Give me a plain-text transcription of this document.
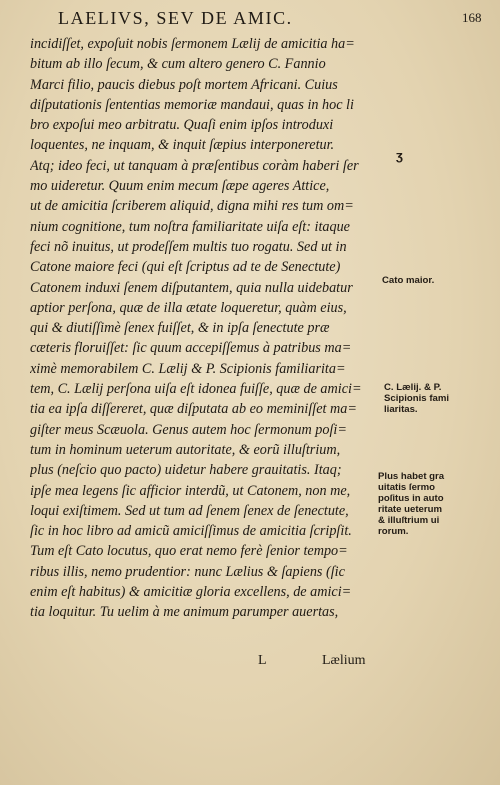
LAELIVS, SEV DE AMIC.	168
incidiſſet, expoſuit nobis ſermonem Lælij de amicitia ha=
bitum ab illo ſecum, & cum altero genero C. Fannio
Marci filio, paucis diebus poſt mortem Africani. Cuius
diſputationis ſententias memoriæ mandaui, quas in hoc li
bro expoſui meo arbitratu. Quaſi enim ipſos introduxi
loquentes, ne inquam, & inquit ſæpius interponeretur.
Atq; ideo feci, ut tanquam à præſentibus coràm haberi ſer
mo uideretur. Quum enim mecum ſæpe ageres Attice,
ut de amicitia ſcriberem aliquid, digna mihi res tum om=
nium cognitione, tum noſtra familiaritate uiſa eſt: itaque
feci nõ inuitus, ut prodeſſem multis tuo rogatu. Sed ut in
Catone maiore feci (qui eſt ſcriptus ad te de Senectute)
Catonem induxi ſenem diſputantem, quia nulla uidebatur
aptior perſona, quæ de illa ætate loqueretur, quàm eius,
qui & diutiſſimè ſenex fuiſſet, & in ipſa ſenectute præ
cæteris floruiſſet: ſic quum accepiſſemus à patribus ma=
ximè memorabilem C. Lælij & P. Scipionis familiarita=
tem, C. Lælij perſona uiſa eſt idonea fuiſſe, quæ de amici=
tia ea ipſa diſſereret, quæ diſputata ab eo meminiſſet ma=
giſter meus Scæuola. Genus autem hoc ſermonum poſi=
tum in hominum ueterum autoritate, & eorũ illuſtrium,
plus (neſcio quo pacto) uidetur habere grauitatis. Itaq;
ipſe mea legens ſic afficior interdũ, ut Catonem, non me,
loqui exiſtimem. Sed ut tum ad ſenem ſenex de ſenectute,
ſic in hoc libro ad amicũ amiciſſimus de amicitia ſcripſit.
Tum eſt Cato locutus, quo erat nemo ferè ſenior tempo=
ribus illis, nemo prudentior: nunc Lælius & ſapiens (ſic
enim eſt habitus) & amicitiæ gloria excellens, de amici=
tia loquitur. Tu uelim à me animum parumper auertas,
L	Lælium
ʒ
Cato maior.
C. Lælij. & P.
Scipionis fami
liaritas.
Plus habet gra
uitatis ſermo
poſitus in auto
ritate ueterum
& illuſtrium ui
rorum.
